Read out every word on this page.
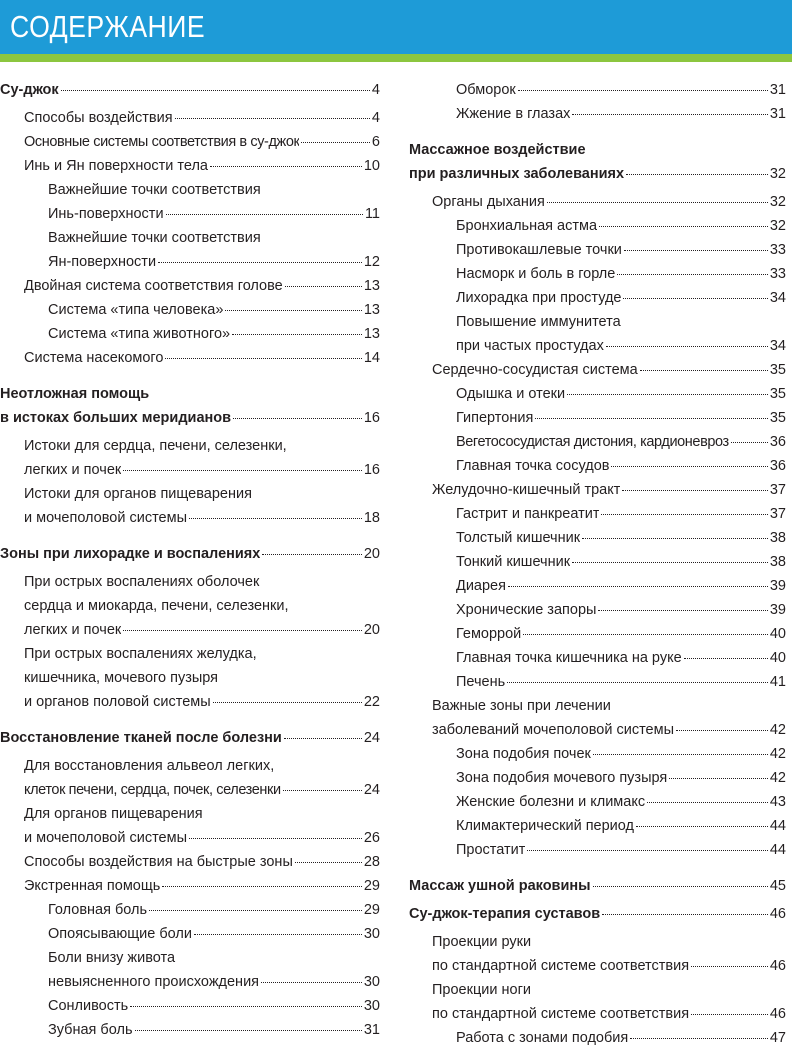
СОДЕРЖАНИЕ
Су-джок	4
Способы воздействия	4
Основные системы соответствия в су-джок	6
Инь и Ян поверхности тела	10
Важнейшие точки соответствия
Инь-поверхности	11
Важнейшие точки соответствия
Ян-поверхности	12
Двойная система соответствия голове	13
Система «типа человека»	13
Система «типа животного»	13
Система насекомого	14
Неотложная помощь
в истоках больших меридианов	16
Истоки для сердца, печени, селезенки,
легких и почек	16
Истоки для органов пищеварения
и мочеполовой системы	18
Зоны при лихорадке и воспалениях	20
При острых воспалениях оболочек
сердца и миокарда, печени, селезенки,
легких и почек	20
При острых воспалениях желудка,
кишечника, мочевого пузыря
и органов половой системы	22
Восстановление тканей после болезни	24
Для восстановления альвеол легких,
клеток печени, сердца, почек, селезенки	24
Для органов пищеварения
и мочеполовой системы	26
Способы воздействия на быстрые зоны	28
Экстренная помощь	29
Головная боль	29
Опоясывающие боли	30
Боли внизу живота
невыясненного происхождения	30
Сонливость	30
Зубная боль	31
Обморок	31
Жжение в глазах	31
Массажное воздействие
при различных заболеваниях	32
Органы дыхания	32
Бронхиальная астма	32
Противокашлевые точки	33
Насморк и боль в горле	33
Лихорадка при простуде	34
Повышение иммунитета
при частых простудах	34
Сердечно-сосудистая система	35
Одышка и отеки	35
Гипертония	35
Вегетососудистая дистония, кардионевроз	36
Главная точка сосудов	36
Желудочно-кишечный тракт	37
Гастрит и панкреатит	37
Толстый кишечник	38
Тонкий кишечник	38
Диарея	39
Хронические запоры	39
Геморрой	40
Главная точка кишечника на руке	40
Печень	41
Важные зоны при лечении
заболеваний мочеполовой системы	42
Зона подобия почек	42
Зона подобия мочевого пузыря	42
Женские болезни и климакс	43
Климактерический период	44
Простатит	44
Массаж ушной раковины	45
Су-джок-терапия суставов	46
Проекции руки
по стандартной системе соответствия	46
Проекции ноги
по стандартной системе соответствия	46
Работа с зонами подобия	47
